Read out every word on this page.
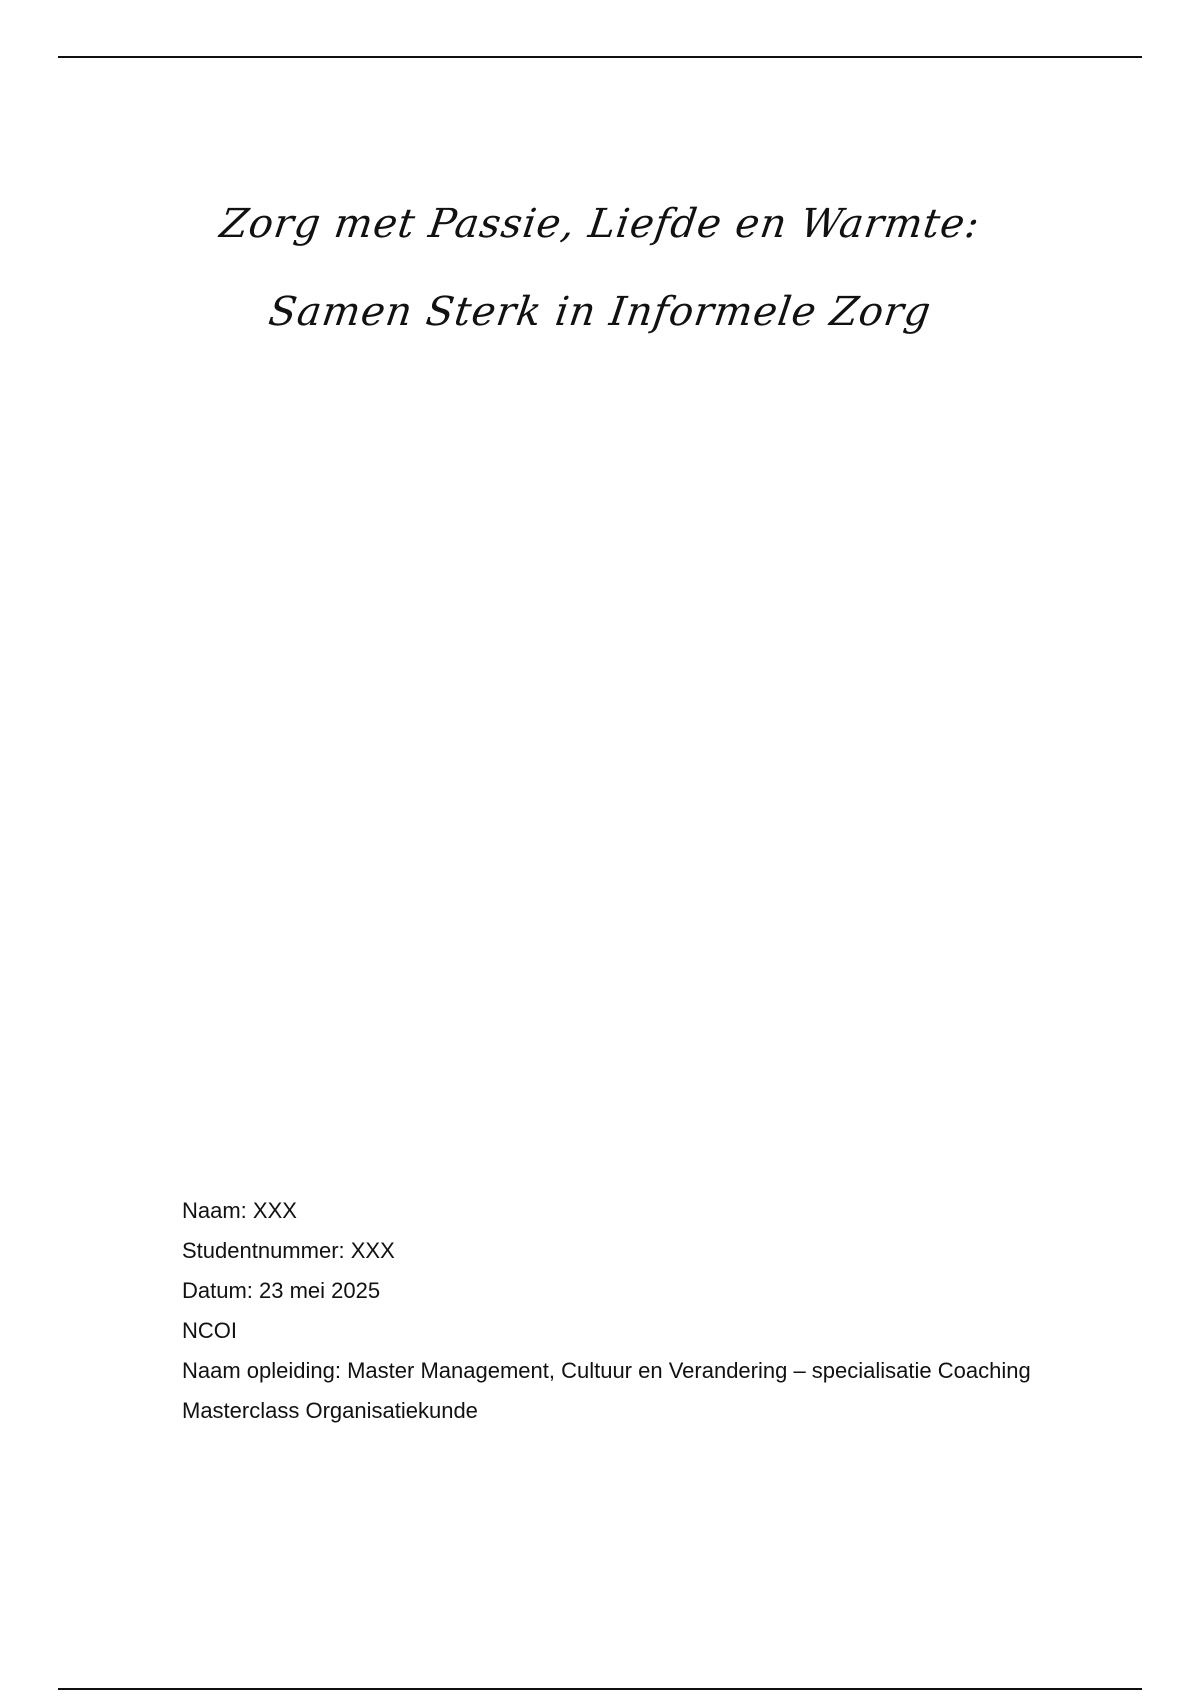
Zorg met Passie, Liefde en Warmte:
Samen Sterk in Informele Zorg
Naam: XXX
Studentnummer: XXX
Datum: 23 mei 2025
NCOI
Naam opleiding: Master Management, Cultuur en Verandering – specialisatie Coaching
Masterclass Organisatiekunde
